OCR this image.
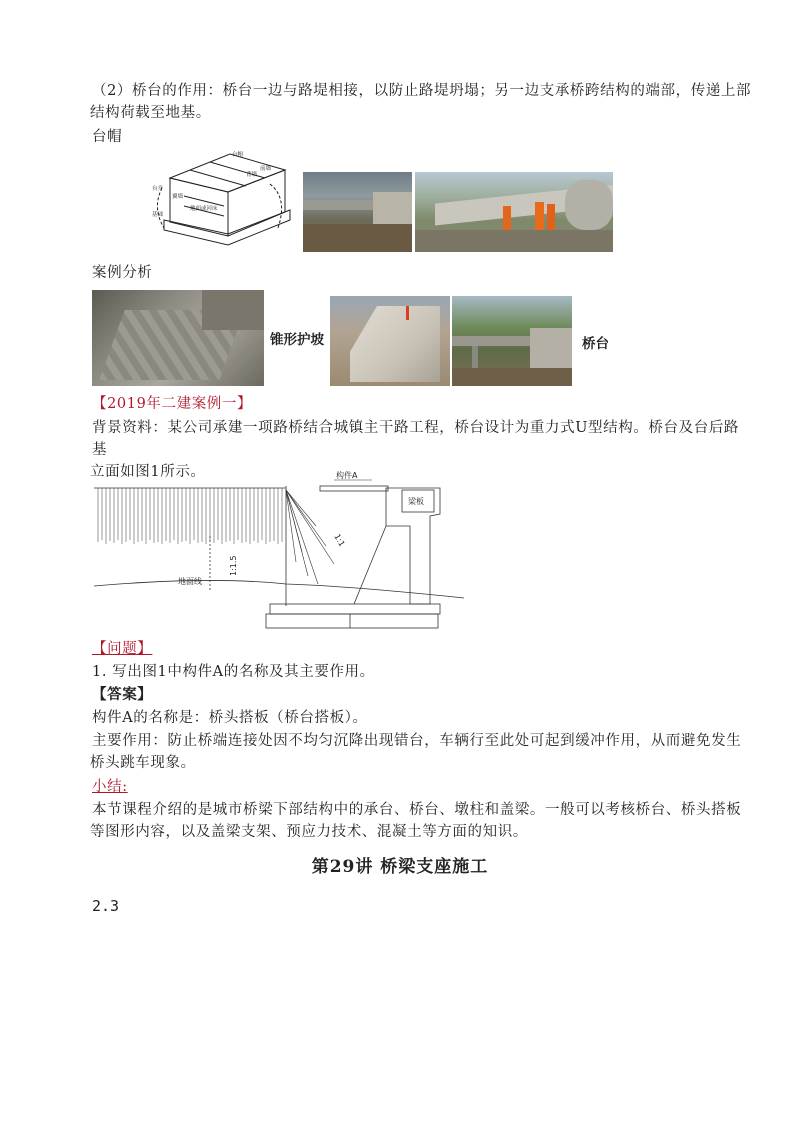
（2）桥台的作用：桥台一边与路堤相接，以防止路堤坍塌；另一边支承桥跨结构的端部，传递上部
结构荷载至地基。
台帽
台帽
背墙
前墙
台身
基础
翼墙
地面或河床
案例分析
锥形护坡	桥台
【2019年二建案例一】
背景资料：某公司承建一项路桥结合城镇主干路工程，桥台设计为重力式U型结构。桥台及台后路基
立面如图1所示。	构件A
梁板
1:1
1:1.5
地面线
【问题】
1. 写出图1中构件A的名称及其主要作用。
【答案】
构件A的名称是：桥头搭板（桥台搭板）。
主要作用：防止桥端连接处因不均匀沉降出现错台，车辆行至此处可起到缓冲作用，从而避免发生
桥头跳车现象。
小结:
本节课程介绍的是城市桥梁下部结构中的承台、桥台、墩柱和盖梁。一般可以考核桥台、桥头搭板
等图形内容，以及盖梁支架、预应力技术、混凝土等方面的知识。
第29讲 桥梁支座施工
2.3
